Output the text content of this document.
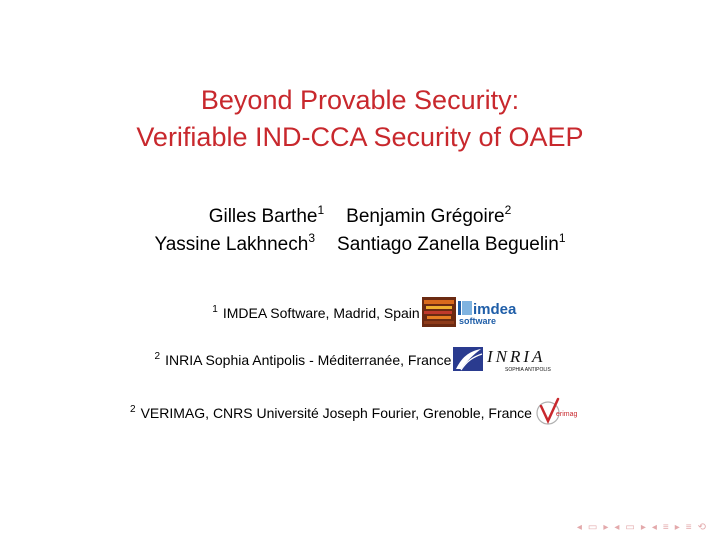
Beyond Provable Security:
Verifiable IND-CCA Security of OAEP
Gilles Barthe$^1$ Benjamin Grégoire$^2$
Yassine Lakhnech$^3$ Santiago Zanella Beguelin$^1$
$^1$ IMDEA Software, Madrid, Spain	imdea
software
$^2$ INRIA Sophia Antipolis - Méditerranée, France INRIA
SOPHIA ANTIPOLIS
$^2$ VERIMAG, CNRS Université Joseph Fourier, Grenoble, France	erimag
◂ ▭ ▸ ◂ ▭ ▸ ◂ ≡ ▸ ≡ ⟲
